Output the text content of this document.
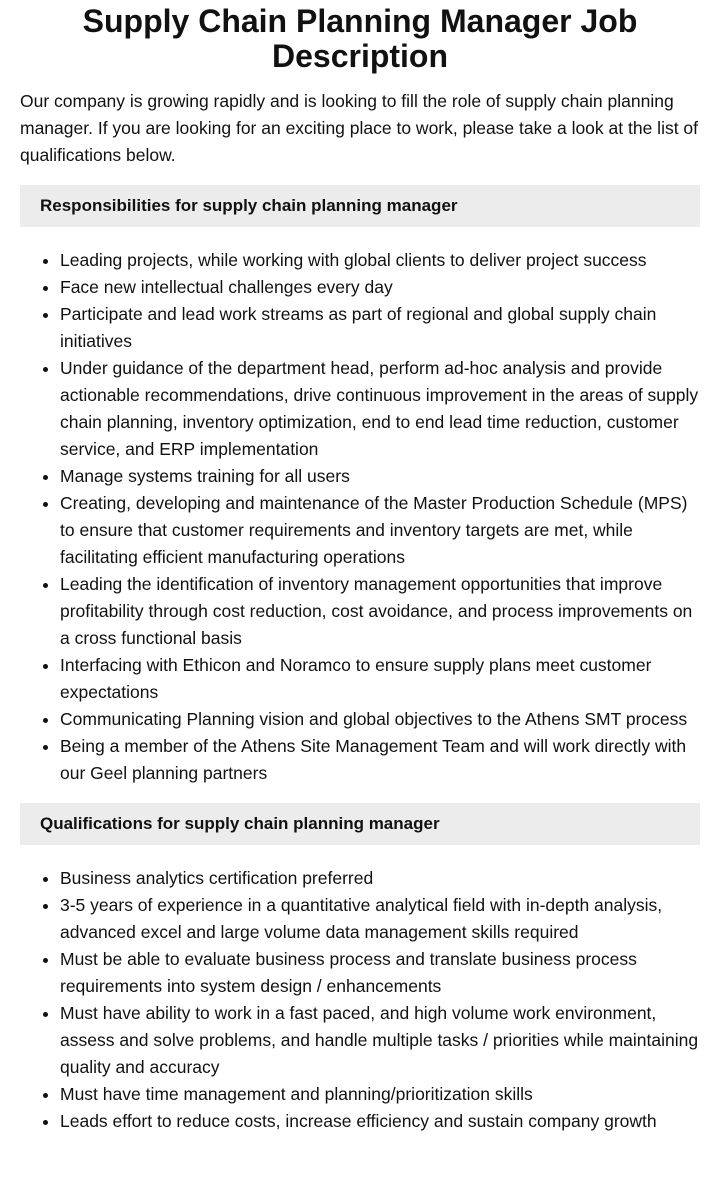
Supply Chain Planning Manager Job Description

Our company is growing rapidly and is looking to fill the role of supply chain planning manager. If you are looking for an exciting place to work, please take a look at the list of qualifications below.

Responsibilities for supply chain planning manager
• Leading projects, while working with global clients to deliver project success
• Face new intellectual challenges every day
• Participate and lead work streams as part of regional and global supply chain initiatives
• Under guidance of the department head, perform ad-hoc analysis and provide actionable recommendations, drive continuous improvement in the areas of supply chain planning, inventory optimization, end to end lead time reduction, customer service, and ERP implementation
• Manage systems training for all users
• Creating, developing and maintenance of the Master Production Schedule (MPS) to ensure that customer requirements and inventory targets are met, while facilitating efficient manufacturing operations
• Leading the identification of inventory management opportunities that improve profitability through cost reduction, cost avoidance, and process improvements on a cross functional basis
• Interfacing with Ethicon and Noramco to ensure supply plans meet customer expectations
• Communicating Planning vision and global objectives to the Athens SMT process
• Being a member of the Athens Site Management Team and will work directly with our Geel planning partners
Qualifications for supply chain planning manager
• Business analytics certification preferred
• 3-5 years of experience in a quantitative analytical field with in-depth analysis, advanced excel and large volume data management skills required
• Must be able to evaluate business process and translate business process requirements into system design / enhancements
• Must have ability to work in a fast paced, and high volume work environment, assess and solve problems, and handle multiple tasks / priorities while maintaining quality and accuracy
• Must have time management and planning/prioritization skills
• Leads effort to reduce costs, increase efficiency and sustain company growth
